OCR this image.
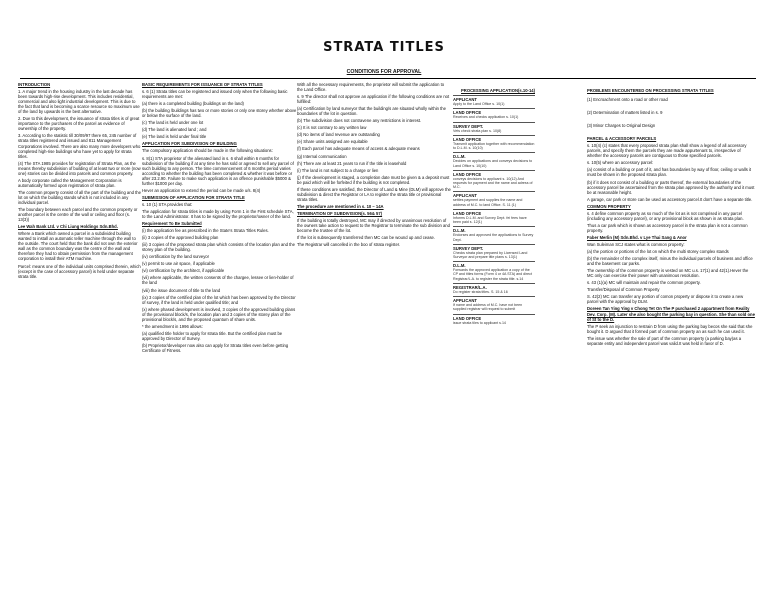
STRATA TITLES
CONDITIONS FOR APPROVAL

INTRODUCTION

1. A major trend in the housing industry in the last decade has been towards high-rise development. This includes residential, commercial and also light industrial development. This is due to the fact that land is becoming a scarce resource so maximum use of the land by upwards is the best alternative.

2. Due to this development, the issuance of strata titles is of great importance to the purchasers of the parcel as evidence of ownership of the property.

3. According to the statistic till 30/09/97 there 65, 245 number of strata titles registered and issued and 811 Management Corporations involved. There are also many more developers who completed high-rise buildings who have yet to apply for strata titles.

(4) The STA 1985 provides for registration of Strata Plan, as the means thereby subdivision of building of at least two or more (now one) stories can be divided into parcels and common property.

A body corporate called the Management Corporation is automatically formed upon registration of strata plan.

The common property consist of all the part of the building and the lot on which the building stands which is not included in any individual parcel.

The boundary between each parcel and the common property or another parcel is the centre of the wall or ceiling and floor (s. 13(3))

Lee Wah Bank Ltd. v Chi Liung Holdings Sdn.Bhd.

Where a Bank which owned a parcel in a subdivided building wanted to install an automatic teller machine through the wall to the outside. The court held that the bank did not own the exterior wall as the common boundary was the centre of the wall and therefore they had to obtain permission from the management corporation to install their ATM machine.

Parcel: means one of the individual units comprised therein, which (except in the case of accessory parcel) is held under separate strata title.

BASIC REQUIREMENTS FOR ISSUANCE OF STRATA TITLES

s. 6 (1) Strata titles can be registered and issued only when the following basic requirements are met:

(a) there is a completed building (buildings on the land)

(b) the building /buildings has two or more stories or only one storey whether above or below the surface of the land.

(c) The land is held under one lot

(d) The land is alienated land ; and

(e) The land is held under final title

APPLICATION FOR SUBDIVISION OF BUILDING

The compulsory application should be made in the following situations:

s. 8(1) STA proprietor of the alienated land in s. 6 shall within 6 months for subdivision of the building if at any time he has sold or agreed to sell any parcel of such building to any person. The time commencement of 6 months period varies according to whether the building has been completed & whether it was before or after 23.2.90. Failure to make such application is an offence punishable $5000 & further $1000 per day.

Hever an application to extend the period can be made u/s. 8(4)

SUBMISSION OF APPLICATION FOR STRATA TITLE

s. 10 (1) STA provides that:

The application for strata titles is made by using Form 1 in the First schedule STA, to the Land Administrator. It has to be signed by the proprietor/owner of the land.

Requirement To Be Submitted

(i) the application fee as prescribed in the State's Strata Titles Rules.

(ii) 3 copies of the approved building plan

(iii) 3 copies of the proposed strata plan which consists of the location plan and the storey plan of the building.

(iv) certification by the land surveyor

(v) permit to use air space, if applicable

(vi) certification by the architect, if applicable

(vii) where applicable, the written consents of the chargee, lessee or lien-holder of the land

(viii) the issue document of title to the land

(ix) 3 copies of the certified plan of the lot which has been approved by the Director of survey, if the land is held under qualified title; and

(x) where phased development is involved, 3 copies of the approved building plans of the provisional block/s, the location plan and 3 copies of the storey plan of the provisional block/s, and the proposed quantum of share units.

* the amendment in 1996 allows:

(a) qualified title holder to apply for strata title. But the certified plan must be approved by Director of Survey.

(b) Proprietor/developer now also can apply for Strata titles even before getting Certificate of Fitness.

With all the necessary requirements, the proprietor will submit the application to the Land Office.

s. 9 The director shall not approve an application if the following conditions are not fulfilled:

(a) Certification by land surveyor that the building/s are situated wholly within the boundaries of the lot in question.

(b) The subdivision does not contravene any restrictions in interest.

(c) It is not contrary to any written law

(d) No items of land revenue are outstanding

(e) Share units assigned are equitable

(f) Each parcel has adequate means of access & adequate means

(g) Internal communication

(h) There are at least 21 years to run if the title is leasehold

(i) The land is not subject to a charge or lien

(j) If the development is staged, a completion date must be given & a deposit must be paid which will be forfeited if the building is not completed.

If these conditions are satisfied, the Director of Land & Mine (DLM) will approve the subdivision & direct the Registrar or LA to register the strata title or provisional strata titles.

The procedure are mentioned in s. 10 – 14A

TERMINATION OF SUBDIVISION(s. 56& 57)

If the building is totally destroyed, MC may if directed by unanimous resolution of the owners take action to request to the Registrar to terminate the sub division and become the trustee of the lot.

If the lot is subsequently transferred then MC can be wound up and cease.

The Registrar will cancelled in the boo of strata register.

PROCESSING APPLICATION(s.10-14)

APPLICANT
Apply to the Land Office s. 10(1)
LAND OFFICE
Receives and checks application s. 10(1)
SURVEY DEPT.
Vets check strata plan s. 10(8)
LAND OFFICE
Transmit application together with recommendation to D.L.M. s. 10(10)
D.L.M.
Decides on applications and conveys decisions to Land Office s. 10(10)
LAND OFFICE
conveys decisions to applicant s. 10(12) And requests for payment and the name and adress of M.C.
APPLICANT
settles payment and supplies the name and address of M.C. to land Office. S. 11 (1)
LAND OFFICE
Informs D.L.M. and Survey Dept. fei fees have been paid s. 12(1)
D.L.M.
Endorses and approved the applications to Survey Dept.
SURVEY DEPT.
Checks strata plan prepared by Licensed Land Surveyor and prepare title plans s. 13(1)
D.L.M.
Forwards the approved application a copy of the CP and titles forms (Form 4 or 4A STA) and direct Registrar/L.A. to register the strata title. s.14
REGISTRAR/L.A.
Do register strata titles. S. 15 & 16
APPLICANT
If name and address of M.C. have not been supplied registrar will request to submit
LAND OFFICE
issue strata tiles to applicant s.14

PROBLEMS ENCOUNTERED ON PROCESSING STRATA TITLES

(1) Encroachment onto a road or other road

(2) Determination of matters listed in s. 9

(3) Minor Charges to Original Design

PARCEL & ACCESSORY PARCELS

s. 10(4) (c) states that every proposed strata plan shall show a legend of all accessory parcels, and specify them the parcels they are made appurtenant to, irrespective of whether the accessory parcels are contiguous to those specified parcels.

s. 10(5) where an accessory parcel:

(a) consist of a building or part of it, and has boundaries by way of floor, ceiling or walls it must be shown in the proposed strata plan.

(b) if it does not consist of a building or parts thereof, the external boundaries of the accessory parcel be ascertained from the strata plan approved by the authority and it must be at reasonable height.

A garage, car park or store can be used as accessory parcel.It don't have a separate title.

COMMON PROPERTY

s. 4 define common property as so much of the lot as is not comprised in any parcel (including any accessory parcel), or any provisional block as shown in as strata plan.

Thus a car park which is shown as accessory parcel in the strata plan is not a common property.

Faber Merlin (M) Sdn.Bhd. v Lye Thai Sang & Anor

Wan Suleiman SCJ states what is common property:

(a) the portion or portions of the lot on which the multi storey complex stands

(b) the remainder of the complex itself, minus the individual parcels of business and office and the basement car parks.

The ownership of the common property is vested on MC u.s. 17(1) and 42(1).Hever the MC only can exercise their power with unanimous resolution.

s. 43 (1)(a) MC will maintain and repair the common property.

Transfer/Disposal of Common Property

S. 42(2) MC can transfer any portion of comon property or dispose it to create a new parcel with the approval by DLM.

Doreen Tan Ying Ying v Chong Tet On The P purchased 2 appartment from Reality Dev. Corp. (M). Later she also bought the parking bay in question. She than sold one of St to the D.

The P seek an injunction to restrain D from using the parking bay becos she said that she bought it. D argued that it formed part of common property an as such he can used it.

The issue was whether the sale of part of the common property (a parking bay)as a separate entity and independent parcel was valid.It was held in favor of D.
